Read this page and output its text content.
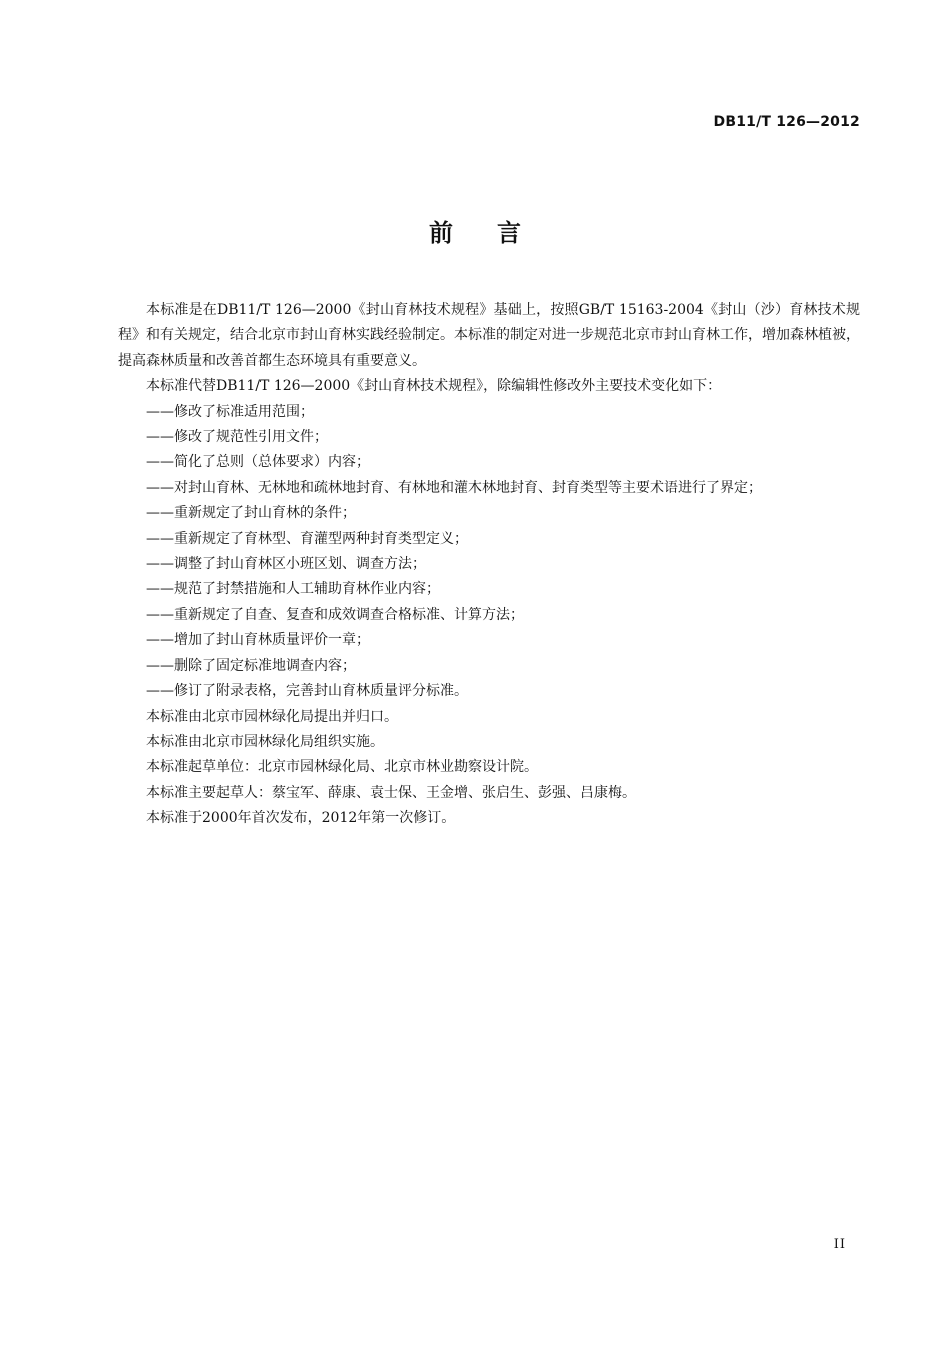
DB11/T 126—2012
前言

本标准是在DB11/T 126—2000《封山育林技术规程》基础上，按照GB/T 15163-2004《封山（沙）育林技术规程》和有关规定，结合北京市封山育林实践经验制定。本标准的制定对进一步规范北京市封山育林工作，增加森林植被，提高森林质量和改善首都生态环境具有重要意义。

本标准代替DB11/T 126—2000《封山育林技术规程》，除编辑性修改外主要技术变化如下：

——修改了标准适用范围；

——修改了规范性引用文件；

——简化了总则（总体要求）内容；

——对封山育林、无林地和疏林地封育、有林地和灌木林地封育、封育类型等主要术语进行了界定；

——重新规定了封山育林的条件；

——重新规定了育林型、育灌型两种封育类型定义；

——调整了封山育林区小班区划、调查方法；

——规范了封禁措施和人工辅助育林作业内容；

——重新规定了自查、复查和成效调查合格标准、计算方法；

——增加了封山育林质量评价一章；

——删除了固定标准地调查内容；

——修订了附录表格，完善封山育林质量评分标准。

本标准由北京市园林绿化局提出并归口。

本标准由北京市园林绿化局组织实施。

本标准起草单位：北京市园林绿化局、北京市林业勘察设计院。

本标准主要起草人：蔡宝军、薛康、袁士保、王金增、张启生、彭强、吕康梅。

本标准于2000年首次发布，2012年第一次修订。

II
